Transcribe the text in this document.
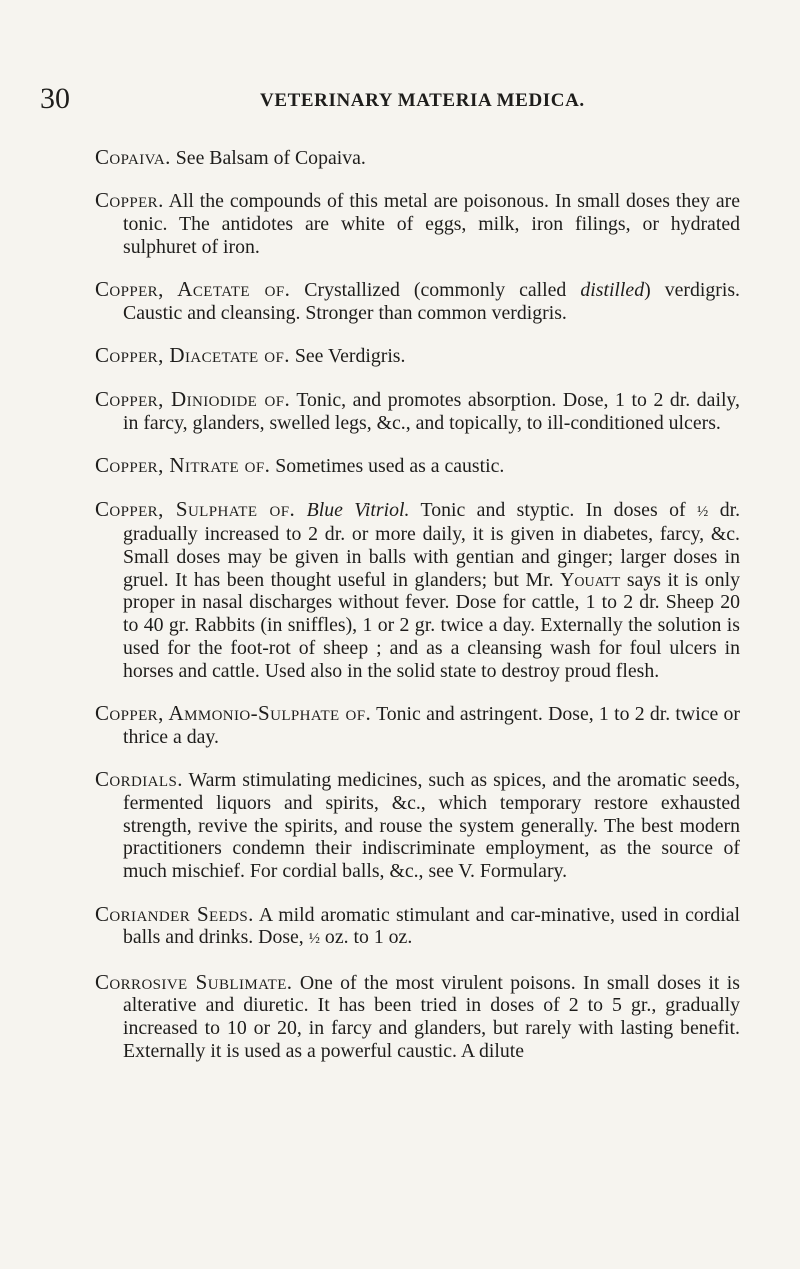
30	VETERINARY MATERIA MEDICA.

Copaiva. See Balsam of Copaiva.

Copper. All the compounds of this metal are poisonous. In small doses they are tonic. The antidotes are white of eggs, milk, iron filings, or hydrated sulphuret of iron.

Copper, Acetate of. Crystallized (commonly called distilled) verdigris. Caustic and cleansing. Stronger than common verdigris.

Copper, Diacetate of. See Verdigris.

Copper, Diniodide of. Tonic, and promotes absorption. Dose, 1 to 2 dr. daily, in farcy, glanders, swelled legs, &c., and topically, to ill-conditioned ulcers.

Copper, Nitrate of. Sometimes used as a caustic.

Copper, Sulphate of. Blue Vitriol. Tonic and styptic. In doses of ½ dr. gradually increased to 2 dr. or more daily, it is given in diabetes, farcy, &c. Small doses may be given in balls with gentian and ginger; larger doses in gruel. It has been thought useful in glanders; but Mr. Youatt says it is only proper in nasal discharges without fever. Dose for cattle, 1 to 2 dr. Sheep 20 to 40 gr. Rabbits (in sniffles), 1 or 2 gr. twice a day. Externally the solution is used for the foot-rot of sheep ; and as a cleansing wash for foul ulcers in horses and cattle. Used also in the solid state to destroy proud flesh.

Copper, Ammonio-Sulphate of. Tonic and astringent. Dose, 1 to 2 dr. twice or thrice a day.

Cordials. Warm stimulating medicines, such as spices, and the aromatic seeds, fermented liquors and spirits, &c., which temporary restore exhausted strength, revive the spirits, and rouse the system generally. The best modern practitioners condemn their indiscriminate employment, as the source of much mischief. For cordial balls, &c., see V. Formulary.

Coriander Seeds. A mild aromatic stimulant and car-minative, used in cordial balls and drinks. Dose, ½ oz. to 1 oz.

Corrosive Sublimate. One of the most virulent poisons. In small doses it is alterative and diuretic. It has been tried in doses of 2 to 5 gr., gradually increased to 10 or 20, in farcy and glanders, but rarely with lasting benefit. Externally it is used as a powerful caustic. A dilute
